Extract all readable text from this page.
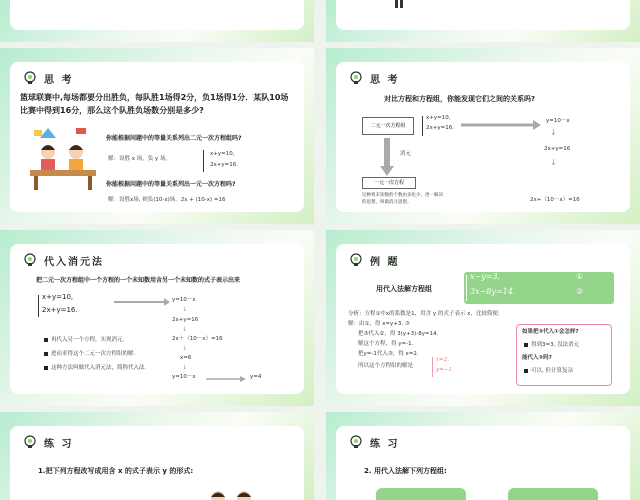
思 考
篮球联赛中,每场都要分出胜负，每队胜1场得2分，负1场得1分．某队10场
比赛中得到16分，那么这个队胜负场数分别是多少?
你能根据问题中的等量关系列出二元一次方程组吗?
解：设胜 x 场，负 y 场。
x+y=10,
2x+y=16.
你能根据问题中的等量关系列出一元一次方程吗?
解：设胜x场, 则负(10-x)场．2x + (10-x) =16
思 考
对比方程和方程组，你能发现它们之间的关系吗?
二元一次方程组
x+y=10,
2x+y=16.
y=10－x
消元
↓
2x+y=16
↓
一元一次方程
这种将未知数的个数由多化少、逐一解决
的思想，叫做消元思想。	2x+（10－x）=16
代入消元法
把二元一次方程组中一个方程的一个未知数用含另一个未知数的式子表示出来
x+y=10,
2x+y=16.
y=10－x
↓
2x+y=16
↓
2x＋（10－x）=16
↓
x=6
↓
y=10－x	y=4
再代入另一个方程，实现消元.
进而求得这个二元一次方程组的解.
这种方法叫做代入消元法，简称代入法.
例 题
用代入法解方程组
x−y=3,
3x−8y=14.
①
②
分析：方程①中x的系数是1，用含 y 的式子表示 x，比较简便.
解：由①，得 x=y+3. ③
把③代入②，得 3(y+3)-8y=14.
解这个方程，得 y=-1.
把y=-1代入③，得 x=2.
所以这个方程组的解是
x=2,
y=−1.
如果把③代入①会怎样?
得到3=3, 没法消元
能代入②吗?
可以, 但计算复杂
练 习
1.把下列方程改写成用含 x 的式子表示 y 的形式:
练 习
2. 用代入法解下列方程组:
